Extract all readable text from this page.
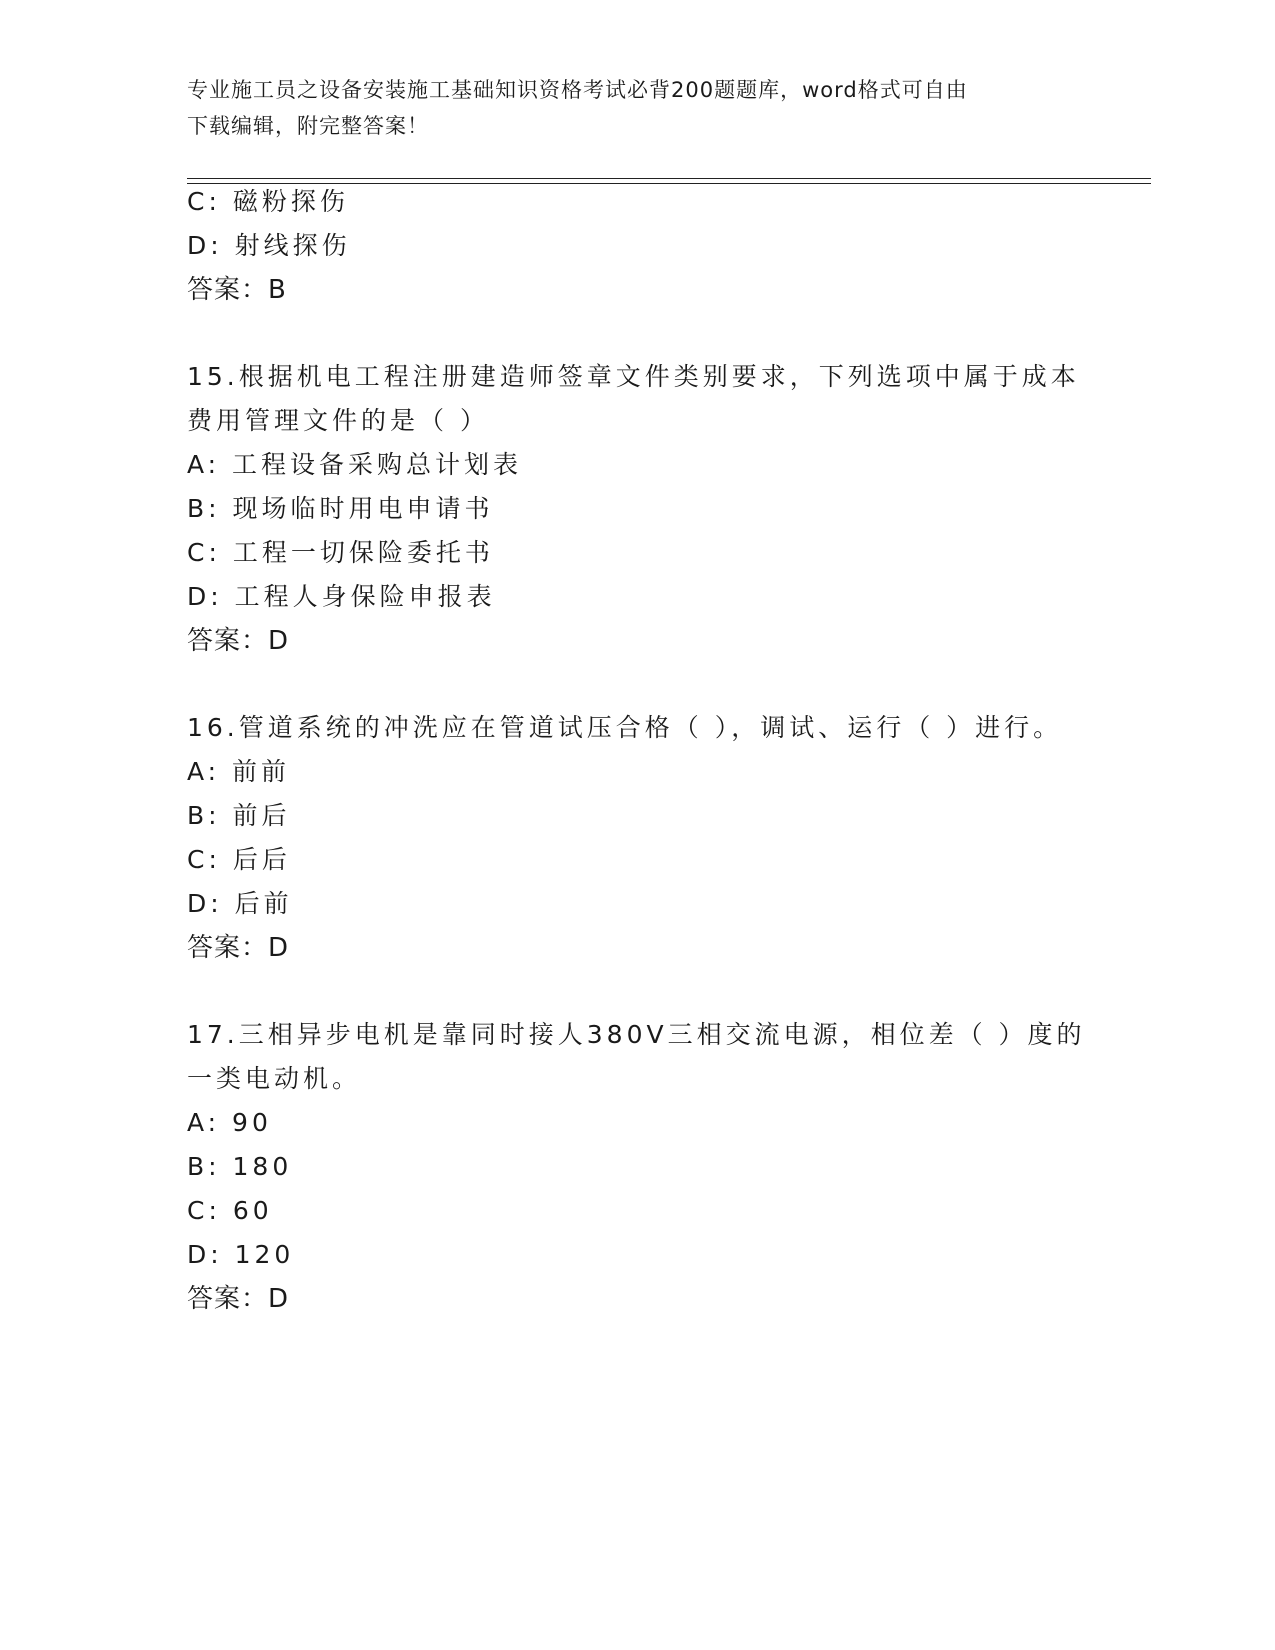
专业施工员之设备安装施工基础知识资格考试必背200题题库，word格式可自由
下载编辑，附完整答案！
C: 磁粉探伤
D: 射线探伤
答案：B
15.根据机电工程注册建造师签章文件类别要求，下列选项中属于成本
费用管理文件的是（ ）
A: 工程设备采购总计划表
B: 现场临时用电申请书
C: 工程一切保险委托书
D: 工程人身保险申报表
答案：D
16.管道系统的冲洗应在管道试压合格（ ），调试、运行（ ）进行。
A: 前前
B: 前后
C: 后后
D: 后前
答案：D
17.三相异步电机是靠同时接人380V三相交流电源，相位差（ ）度的
一类电动机。
A: 90
B: 180
C: 60
D: 120
答案：D
